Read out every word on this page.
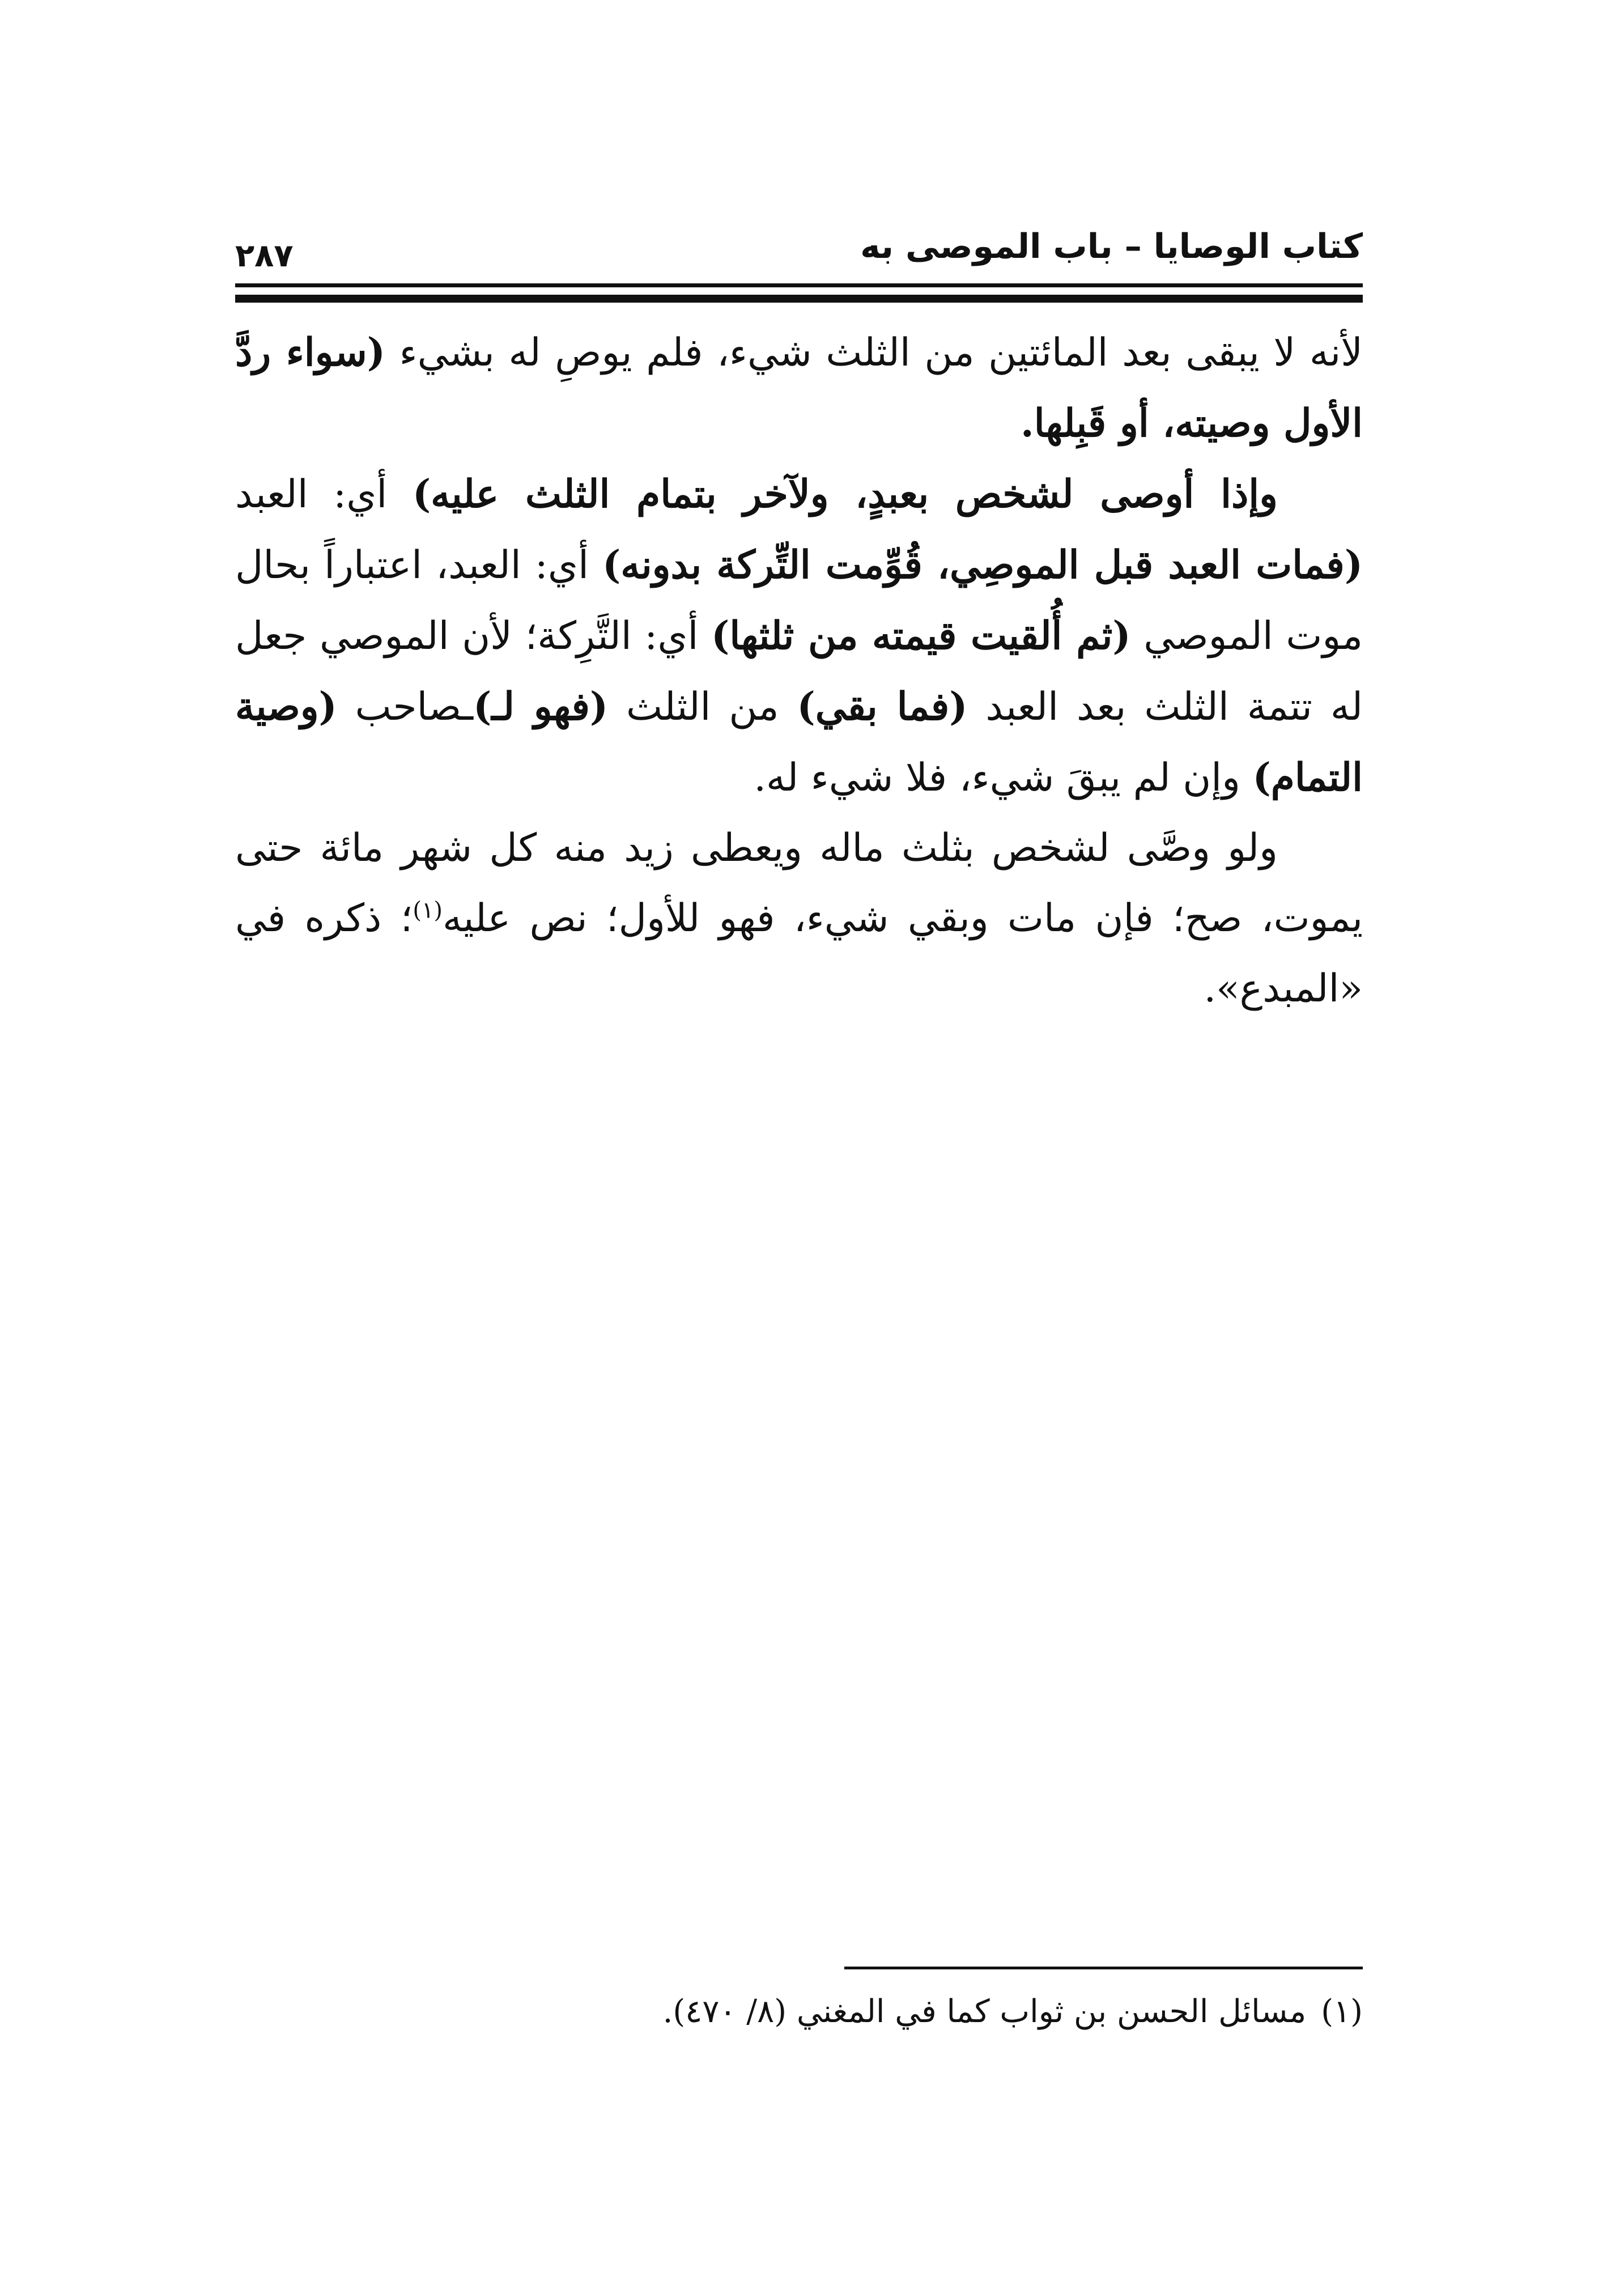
كتاب الوصايا – باب الموصى به
٢٨٧

لأنه لا يبقى بعد المائتين من الثلث شيء، فلم يوصِ له بشيء (سواء ردَّ الأول وصيته، أو قَبِلها.

وإذا أوصى لشخص بعبدٍ، ولآخر بتمام الثلث عليه) أي: العبد (فمات العبد قبل الموصِي، قُوِّمت التِّركة بدونه) أي: العبد، اعتباراً بحال موت الموصي (ثم أُلقيت قيمته من ثلثها) أي: التَّرِكة؛ لأن الموصي جعل له تتمة الثلث بعد العبد (فما بقي) من الثلث (فهو لـ)ـصاحب (وصية التمام) وإن لم يبقَ شيء، فلا شيء له.

ولو وصَّى لشخص بثلث ماله ويعطى زيد منه كل شهر مائة حتى يموت، صح؛ فإن مات وبقي شيء، فهو للأول؛ نص عليه$^{(١)}$؛ ذكره في «المبدع».

(١)مسائل الحسن بن ثواب كما في المغني (٨/ ٤٧٠).
